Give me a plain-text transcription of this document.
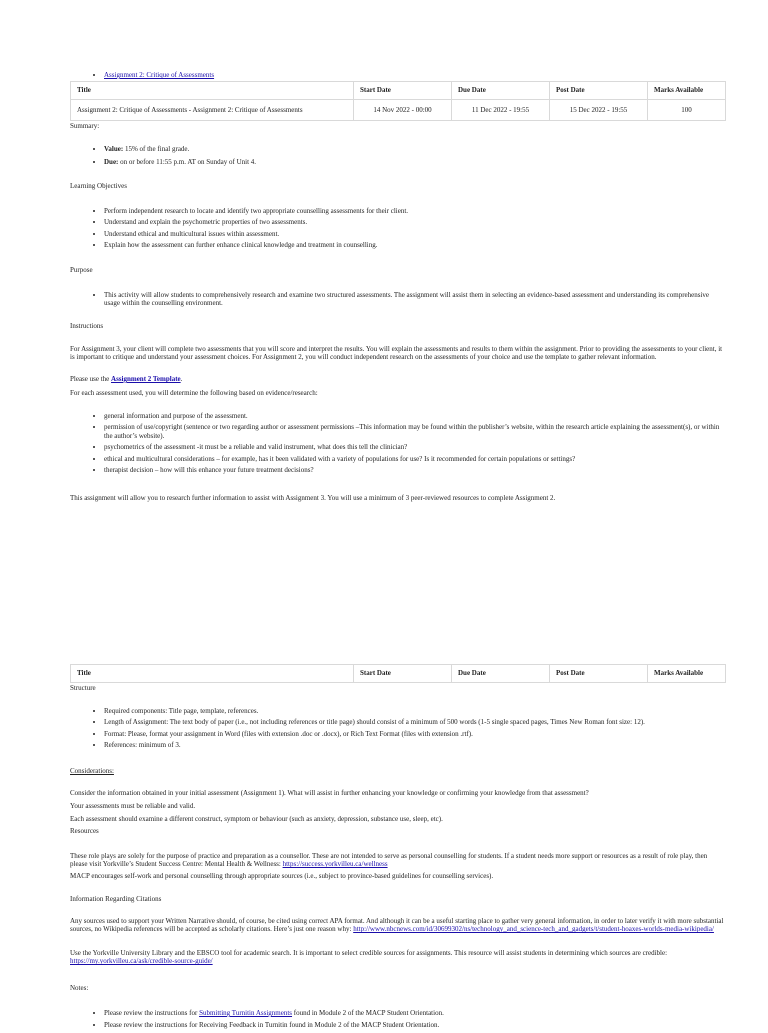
• Assignment 2: Critique of Assessments
Title	Start Date	Due Date	Post Date	Marks Available
Assignment 2: Critique of Assessments - Assignment 2: Critique of Assessments	14 Nov 2022 - 00:00	11 Dec 2022 - 19:55	15 Dec 2022 - 19:55	100
Summary:
• Value: 15% of the final grade.
• Due: on or before 11:55 p.m. AT on Sunday of Unit 4.
Learning Objectives
• Perform independent research to locate and identify two appropriate counselling assessments for their client.
• Understand and explain the psychometric properties of two assessments.
• Understand ethical and multicultural issues within assessment.
• Explain how the assessment can further enhance clinical knowledge and treatment in counselling.
Purpose
• This activity will allow students to comprehensively research and examine two structured assessments. The assignment will assist them in selecting an evidence-based assessment and understanding its comprehensive usage within the counselling environment.
Instructions
For Assignment 3, your client will complete two assessments that you will score and interpret the results. You will explain the assessments and results to them within the assignment. Prior to providing the assessments to your client, it is important to critique and understand your assessment choices. For Assignment 2, you will conduct independent research on the assessments of your choice and use the template to gather relevant information.
Please use the Assignment 2 Template.
For each assessment used, you will determine the following based on evidence/research:
• general information and purpose of the assessment.
• permission of use/copyright (sentence or two regarding author or assessment permissions –This information may be found within the publisher’s website, within the research article explaining the assessment(s), or within the author’s website).
• psychometrics of the assessment -it must be a reliable and valid instrument, what does this tell the clinician?
• ethical and multicultural considerations – for example, has it been validated with a variety of populations for use? Is it recommended for certain populations or settings?
• therapist decision – how will this enhance your future treatment decisions?
This assignment will allow you to research further information to assist with Assignment 3. You will use a minimum of 3 peer-reviewed resources to complete Assignment 2.
Title	Start Date	Due Date	Post Date	Marks Available
Structure
• Required components: Title page, template, references.
• Length of Assignment: The text body of paper (i.e., not including references or title page) should consist of a minimum of 500 words (1-5 single spaced pages, Times New Roman font size: 12).
• Format: Please, format your assignment in Word (files with extension .doc or .docx), or Rich Text Format (files with extension .rtf).
• References: minimum of 3.
Considerations:
Consider the information obtained in your initial assessment (Assignment 1). What will assist in further enhancing your knowledge or confirming your knowledge from that assessment?
Your assessments must be reliable and valid.
Each assessment should examine a different construct, symptom or behaviour (such as anxiety, depression, substance use, sleep, etc).
Resources
These role plays are solely for the purpose of practice and preparation as a counsellor. These are not intended to serve as personal counselling for students. If a student needs more support or resources as a result of role play, then please visit Yorkville’s Student Success Centre: Mental Health & Wellness: https://success.yorkvilleu.ca/wellness
MACP encourages self-work and personal counselling through appropriate sources (i.e., subject to province-based guidelines for counselling services).
Information Regarding Citations
Any sources used to support your Written Narrative should, of course, be cited using correct APA format. And although it can be a useful starting place to gather very general information, in order to later verify it with more substantial sources, no Wikipedia references will be accepted as scholarly citations. Here’s just one reason why: http://www.nbcnews.com/id/30699302/ns/technology_and_science-tech_and_gadgets/t/student-hoaxes-worlds-media-wikipedia/
Use the Yorkville University Library and the EBSCO tool for academic search. It is important to select credible sources for assignments. This resource will assist students in determining which sources are credible: https://my.yorkvilleu.ca/ask/credible-source-guide/
Notes:
• Please review the instructions for Submitting Turnitin Assignments found in Module 2 of the MACP Student Orientation.
• Please review the instructions for Receiving Feedback in Turnitin found in Module 2 of the MACP Student Orientation.
